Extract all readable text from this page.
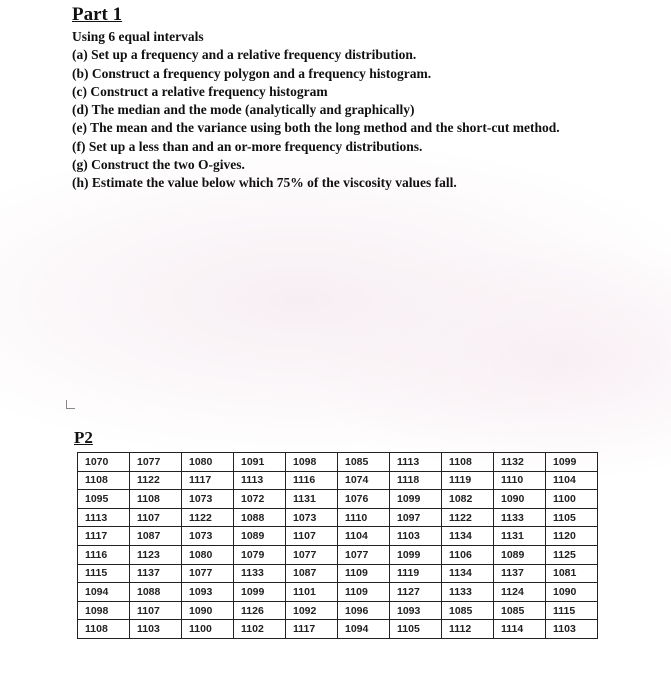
Part 1
Using 6 equal intervals
(a) Set up a frequency and a relative frequency distribution.
(b) Construct a frequency polygon and a frequency histogram.
(c) Construct a relative frequency histogram
(d) The median and the mode (analytically and graphically)
(e) The mean and the variance using both the long method and the short-cut method.
(f) Set up a less than and an or-more frequency distributions.
(g) Construct the two O-gives.
(h) Estimate the value below which 75% of the viscosity values fall.
P2
1070	1077	1080	1091	1098	1085	1113	1108	1132	1099
1108	1122	1117	1113	1116	1074	1118	1119	1110	1104
1095	1108	1073	1072	1131	1076	1099	1082	1090	1100
1113	1107	1122	1088	1073	1110	1097	1122	1133	1105
1117	1087	1073	1089	1107	1104	1103	1134	1131	1120
1116	1123	1080	1079	1077	1077	1099	1106	1089	1125
1115	1137	1077	1133	1087	1109	1119	1134	1137	1081
1094	1088	1093	1099	1101	1109	1127	1133	1124	1090
1098	1107	1090	1126	1092	1096	1093	1085	1085	1115
1108	1103	1100	1102	1117	1094	1105	1112	1114	1103
